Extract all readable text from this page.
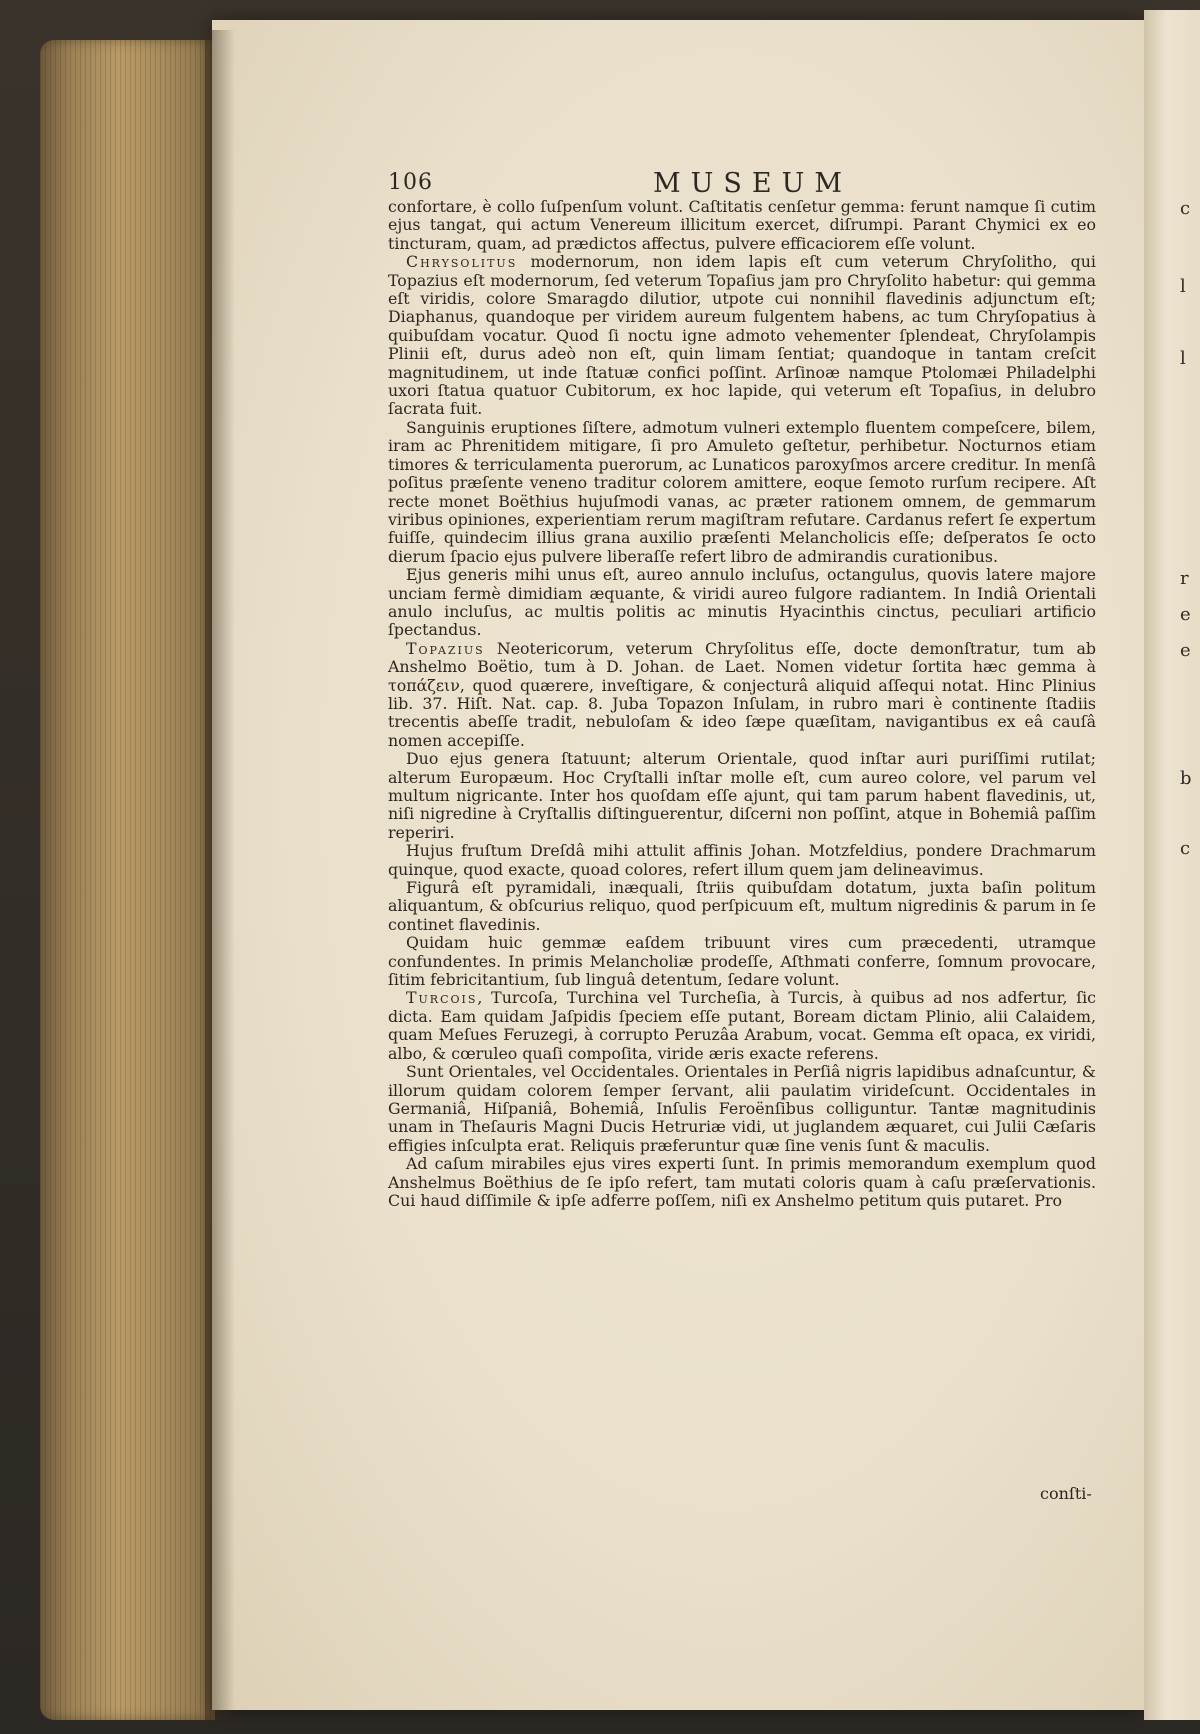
c
l
l
r
e
e
b
c
106	MUSEUM

confortare, è collo ſuſpenſum volunt. Caſtitatis cenſetur gemma: ferunt namque ſi cutim ejus tangat, qui actum Venereum illicitum exercet, diſrumpi. Parant Chymici ex eo tincturam, quam, ad prædictos affectus, pulvere efficaciorem eſſe volunt.

Chrysolitus modernorum, non idem lapis eſt cum veterum Chryſolitho, qui Topazius eſt modernorum, ſed veterum Topaſius jam pro Chryſolito habetur: qui gemma eſt viridis, colore Smaragdo dilutior, utpote cui nonnihil flavedinis adjunctum eſt; Diaphanus, quandoque per viridem aureum fulgentem habens, ac tum Chryſopatius à quibuſdam vocatur. Quod ſi noctu igne admoto vehementer ſplendeat, Chryſolampis Plinii eſt, durus adeò non eſt, quin limam ſentiat; quandoque in tantam creſcit magnitudinem, ut inde ſtatuæ confici poſſint. Arſinoæ namque Ptolomæi Philadelphi uxori ſtatua quatuor Cubitorum, ex hoc lapide, qui veterum eſt Topaſius, in delubro ſacrata fuit.

Sanguinis eruptiones ſiſtere, admotum vulneri extemplo fluentem compeſcere, bilem, iram ac Phrenitidem mitigare, ſi pro Amuleto geſtetur, perhibetur. Nocturnos etiam timores & terriculamenta puerorum, ac Lunaticos paroxyſmos arcere creditur. In menſâ poſitus præſente veneno traditur colorem amittere, eoque ſemoto rurſum recipere. Aſt recte monet Boëthius hujuſmodi vanas, ac præter rationem omnem, de gemmarum viribus opiniones, experientiam rerum magiſtram refutare. Cardanus refert ſe expertum fuiſſe, quindecim illius grana auxilio præſenti Melancholicis eſſe; deſperatos ſe octo dierum ſpacio ejus pulvere liberaſſe refert libro de admirandis curationibus.

Ejus generis mihi unus eſt, aureo annulo incluſus, octangulus, quovis latere majore unciam fermè dimidiam æquante, & viridi aureo fulgore radiantem. In Indiâ Orientali anulo incluſus, ac multis politis ac minutis Hyacinthis cinctus, peculiari artificio ſpectandus.

Topazius Neotericorum, veterum Chryſolitus eſſe, docte demonſtratur, tum ab Anshelmo Boëtio, tum à D. Johan. de Laet. Nomen videtur ſortita hæc gemma à τοπάζειν, quod quærere, inveſtigare, & conjecturâ aliquid aſſequi notat. Hinc Plinius lib. 37. Hiſt. Nat. cap. 8. Juba Topazon Inſulam, in rubro mari è continente ſtadiis trecentis abeſſe tradit, nebuloſam & ideo ſæpe quæſitam, navigantibus ex eâ cauſâ nomen accepiſſe.

Duo ejus genera ſtatuunt; alterum Orientale, quod inſtar auri puriſſimi rutilat; alterum Europæum. Hoc Cryſtalli inſtar molle eſt, cum aureo colore, vel parum vel multum nigricante. Inter hos quoſdam eſſe ajunt, qui tam parum habent flavedinis, ut, niſi nigredine à Cryſtallis diſtinguerentur, diſcerni non poſſint, atque in Bohemiâ paſſim reperiri.

Hujus fruſtum Dreſdâ mihi attulit affinis Johan. Motzfeldius, pondere Drachmarum quinque, quod exacte, quoad colores, refert illum quem jam delineavimus.

Figurâ eſt pyramidali, inæquali, ſtriis quibuſdam dotatum, juxta baſin politum aliquantum, & obſcurius reliquo, quod perſpicuum eſt, multum nigredinis & parum in ſe continet flavedinis.

Quidam huic gemmæ eaſdem tribuunt vires cum præcedenti, utramque confundentes. In primis Melancholiæ prodeſſe, Aſthmati conferre, ſomnum provocare, ſitim febricitantium, ſub linguâ detentum, ſedare volunt.

Turcois, Turcoſa, Turchina vel Turcheſia, à Turcis, à quibus ad nos adfertur, ſic dicta. Eam quidam Jaſpidis ſpeciem eſſe putant, Boream dictam Plinio, alii Calaidem, quam Meſues Feruzegi, à corrupto Peruzâa Arabum, vocat. Gemma eſt opaca, ex viridi, albo, & cœruleo quaſi compoſita, viride æris exacte referens.

Sunt Orientales, vel Occidentales. Orientales in Perſiâ nigris lapidibus adnaſcuntur, & illorum quidam colorem ſemper ſervant, alii paulatim virideſcunt. Occidentales in Germaniâ, Hiſpaniâ, Bohemiâ, Inſulis Feroënſibus colliguntur. Tantæ magnitudinis unam in Theſauris Magni Ducis Hetruriæ vidi, ut juglandem æquaret, cui Julii Cæſaris effigies inſculpta erat. Reliquis præferuntur quæ ſine venis ſunt & maculis.

Ad caſum mirabiles ejus vires experti ſunt. In primis memorandum exemplum quod Anshelmus Boëthius de ſe ipſo refert, tam mutati coloris quam à caſu præſervationis. Cui haud diſſimile & ipſe adferre poſſem, niſi ex Anshelmo petitum quis putaret. Pro

conſti-
